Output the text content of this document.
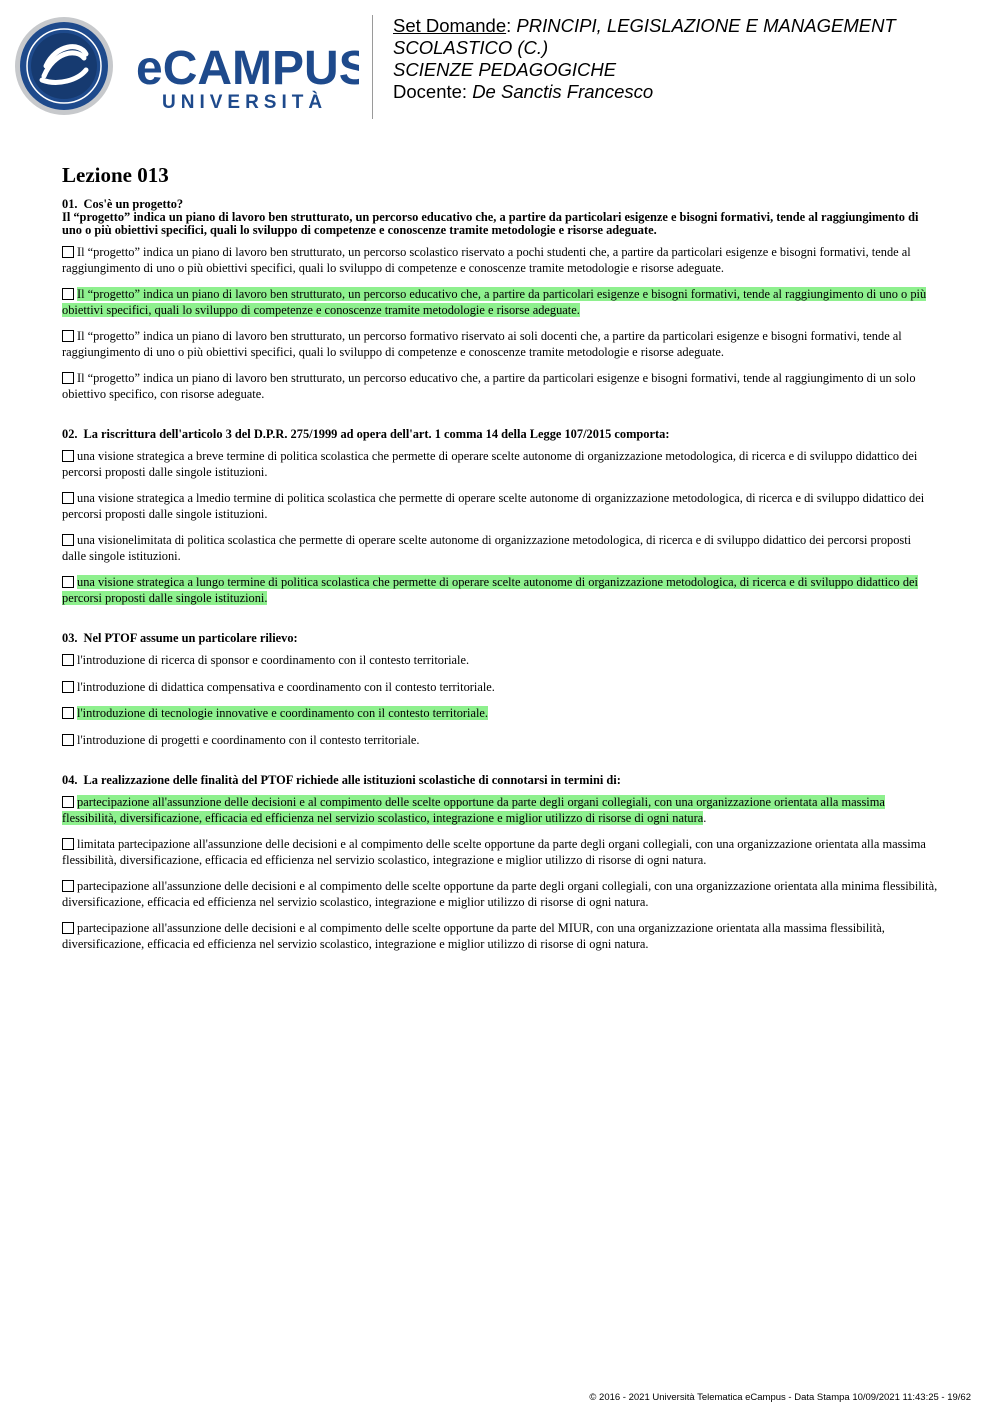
eCAMPUS
UNIVERSITÀ
Set Domande: PRINCIPI, LEGISLAZIONE E MANAGEMENT SCOLASTICO (C.)
SCIENZE PEDAGOGICHE
Docente: De Sanctis Francesco
Lezione 013
01. Cos'è un progetto?
Il “progetto” indica un piano di lavoro ben strutturato, un percorso educativo che, a partire da particolari esigenze e bisogni formativi, tende al raggiungimento di uno o più obiettivi specifici, quali lo sviluppo di competenze e conoscenze tramite metodologie e risorse adeguate.
Il “progetto” indica un piano di lavoro ben strutturato, un percorso scolastico riservato a pochi studenti che, a partire da particolari esigenze e bisogni formativi, tende al raggiungimento di uno o più obiettivi specifici, quali lo sviluppo di competenze e conoscenze tramite metodologie e risorse adeguate.
Il “progetto” indica un piano di lavoro ben strutturato, un percorso educativo che, a partire da particolari esigenze e bisogni formativi, tende al raggiungimento di uno o più obiettivi specifici, quali lo sviluppo di competenze e conoscenze tramite metodologie e risorse adeguate.
Il “progetto” indica un piano di lavoro ben strutturato, un percorso formativo riservato ai soli docenti che, a partire da particolari esigenze e bisogni formativi, tende al raggiungimento di uno o più obiettivi specifici, quali lo sviluppo di competenze e conoscenze tramite metodologie e risorse adeguate.
Il “progetto” indica un piano di lavoro ben strutturato, un percorso educativo che, a partire da particolari esigenze e bisogni formativi, tende al raggiungimento di un solo obiettivo specifico, con risorse adeguate.
02. La riscrittura dell'articolo 3 del D.P.R. 275/1999 ad opera dell'art. 1 comma 14 della Legge 107/2015 comporta:
una visione strategica a breve termine di politica scolastica che permette di operare scelte autonome di organizzazione metodologica, di ricerca e di sviluppo didattico dei percorsi proposti dalle singole istituzioni.
una visione strategica a lmedio termine di politica scolastica che permette di operare scelte autonome di organizzazione metodologica, di ricerca e di sviluppo didattico dei percorsi proposti dalle singole istituzioni.
una visionelimitata di politica scolastica che permette di operare scelte autonome di organizzazione metodologica, di ricerca e di sviluppo didattico dei percorsi proposti dalle singole istituzioni.
una visione strategica a lungo termine di politica scolastica che permette di operare scelte autonome di organizzazione metodologica, di ricerca e di sviluppo didattico dei percorsi proposti dalle singole istituzioni.
03. Nel PTOF assume un particolare rilievo:
l'introduzione di ricerca di sponsor e coordinamento con il contesto territoriale.
l'introduzione di didattica compensativa e coordinamento con il contesto territoriale.
l'introduzione di tecnologie innovative e coordinamento con il contesto territoriale.
l'introduzione di progetti e coordinamento con il contesto territoriale.
04. La realizzazione delle finalità del PTOF richiede alle istituzioni scolastiche di connotarsi in termini di:
partecipazione all'assunzione delle decisioni e al compimento delle scelte opportune da parte degli organi collegiali, con una organizzazione orientata alla massima flessibilità, diversificazione, efficacia ed efficienza nel servizio scolastico, integrazione e miglior utilizzo di risorse di ogni natura.
limitata partecipazione all'assunzione delle decisioni e al compimento delle scelte opportune da parte degli organi collegiali, con una organizzazione orientata alla massima flessibilità, diversificazione, efficacia ed efficienza nel servizio scolastico, integrazione e miglior utilizzo di risorse di ogni natura.
partecipazione all'assunzione delle decisioni e al compimento delle scelte opportune da parte degli organi collegiali, con una organizzazione orientata alla minima flessibilità, diversificazione, efficacia ed efficienza nel servizio scolastico, integrazione e miglior utilizzo di risorse di ogni natura.
partecipazione all'assunzione delle decisioni e al compimento delle scelte opportune da parte del MIUR, con una organizzazione orientata alla massima flessibilità, diversificazione, efficacia ed efficienza nel servizio scolastico, integrazione e miglior utilizzo di risorse di ogni natura.
© 2016 - 2021 Università Telematica eCampus - Data Stampa 10/09/2021 11:43:25 - 19/62
